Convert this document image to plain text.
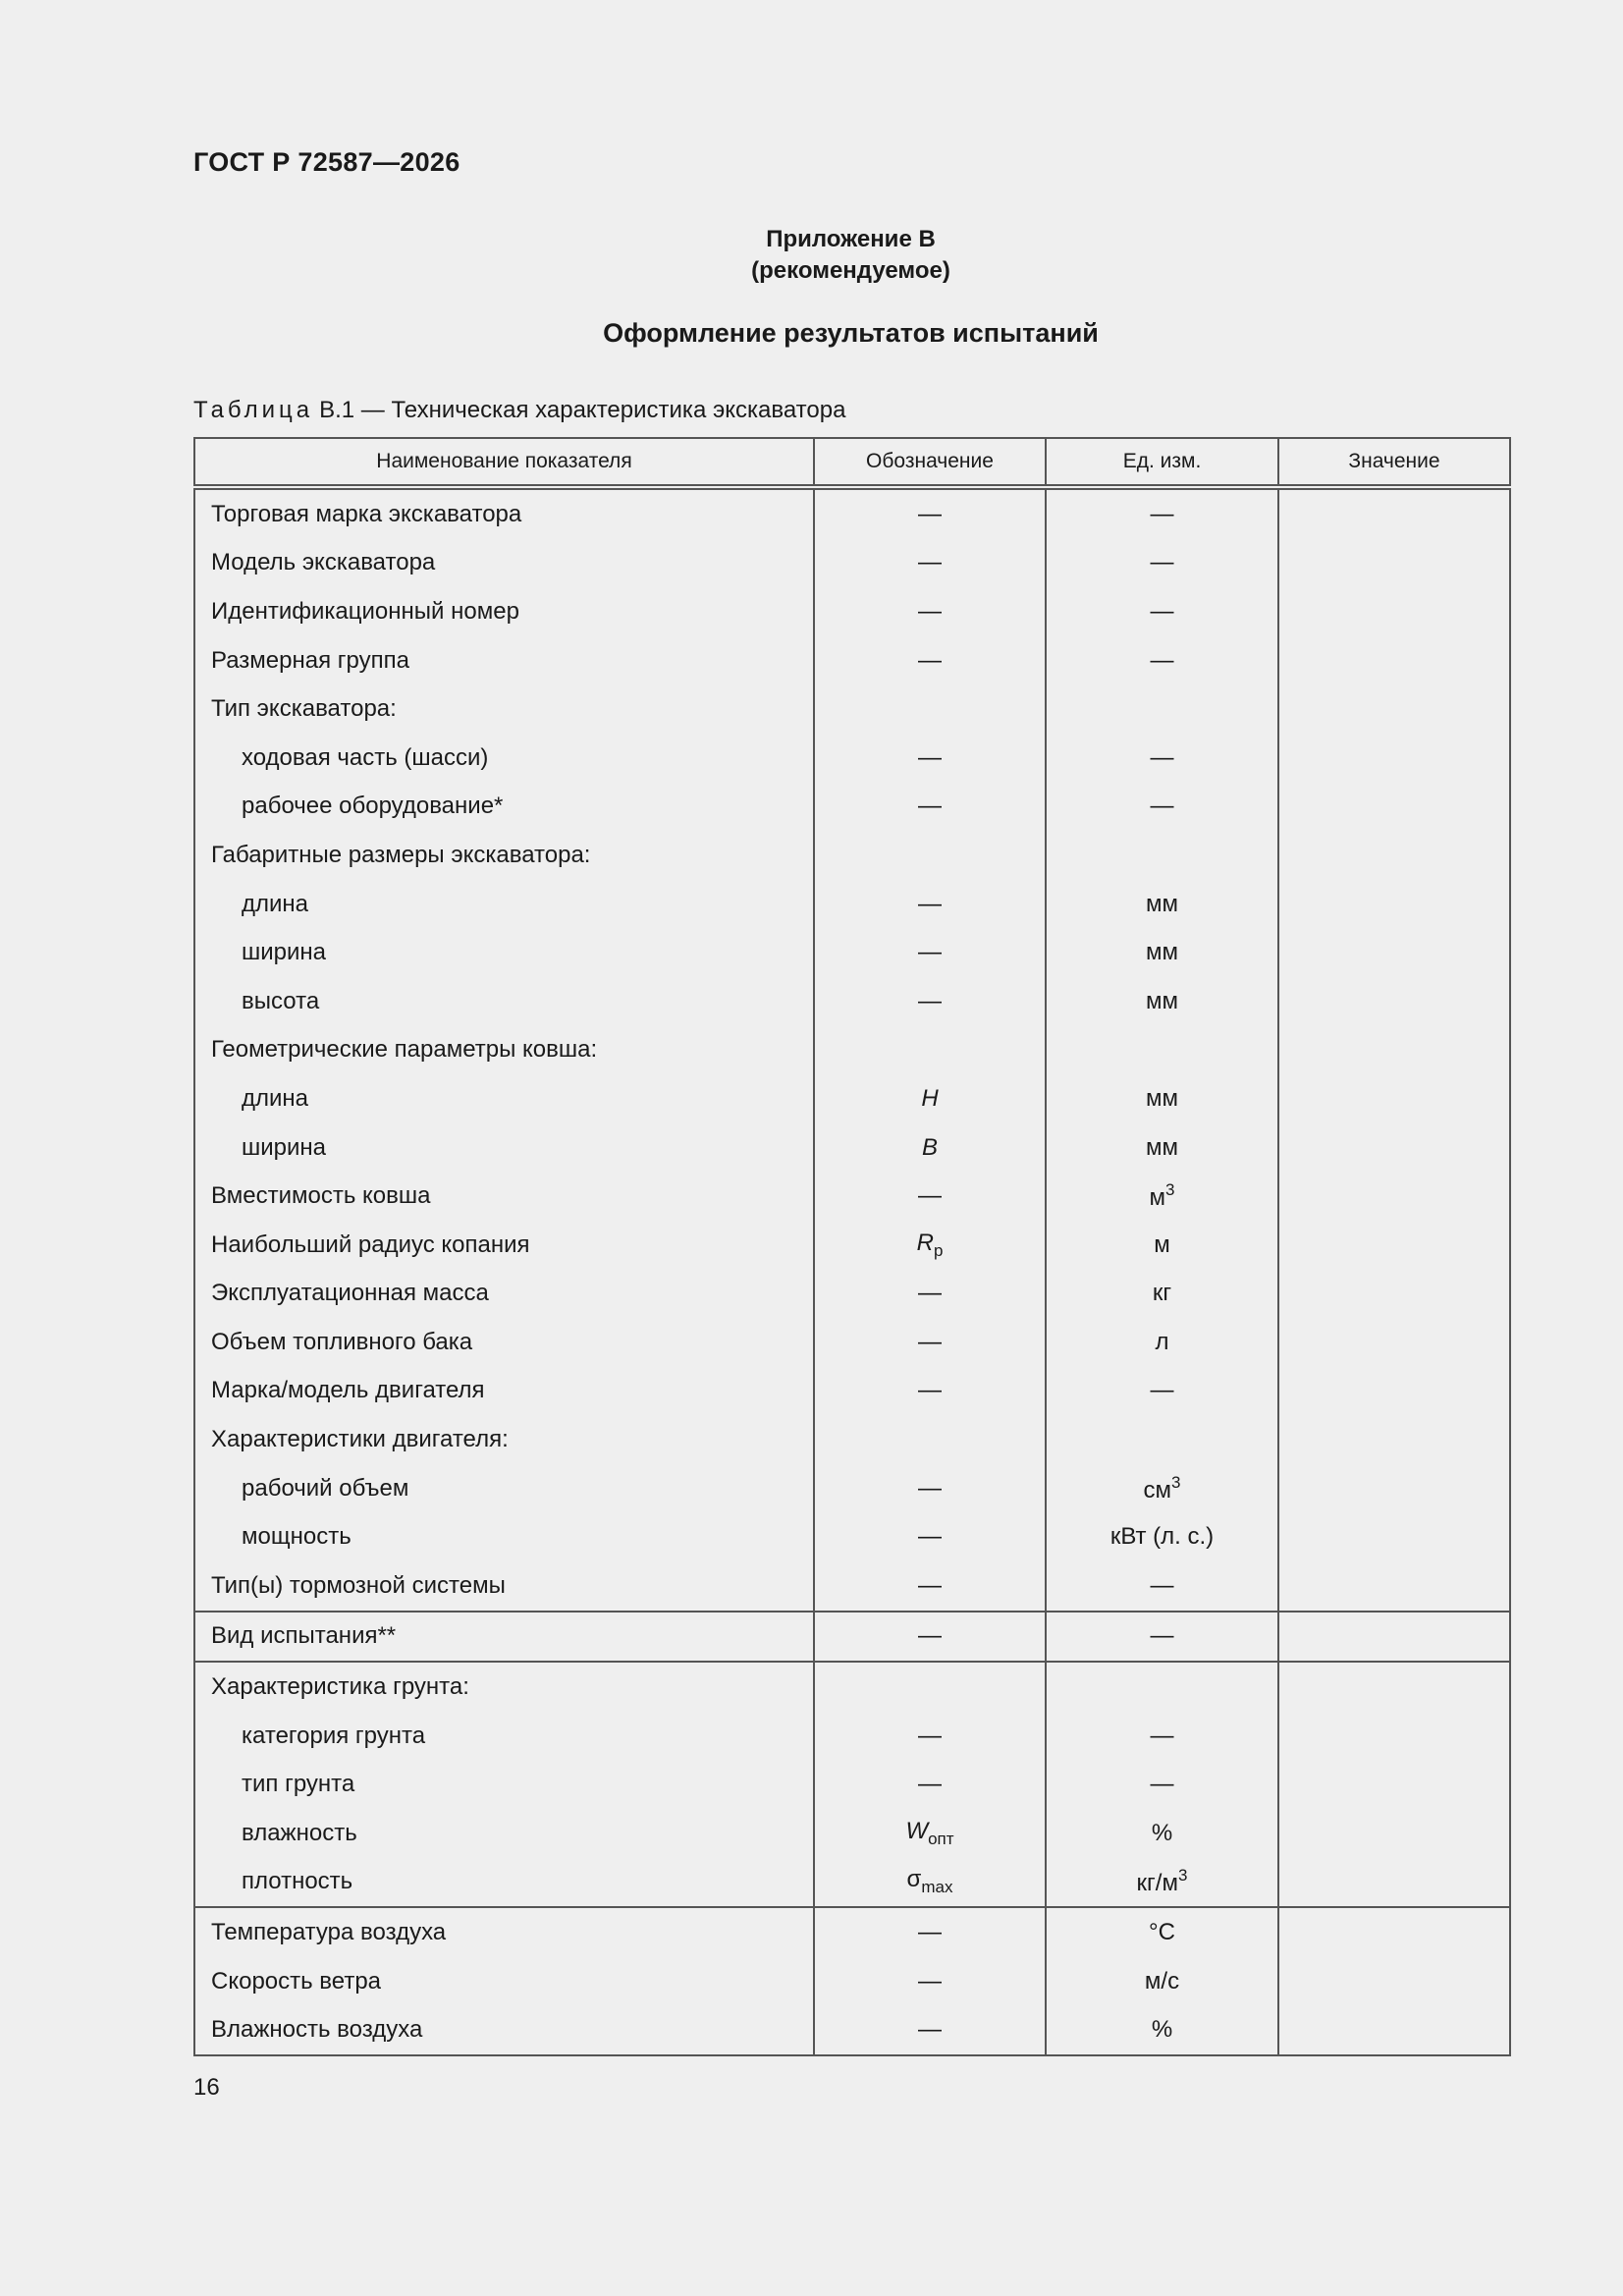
ГОСТ Р 72587—2026
Приложение В
(рекомендуемое)
Оформление результатов испытаний
Таблица В.1 — Техническая характеристика экскаватора
Наименование показателя	Обозначение	Ед. изм.	Значение
Торговая марка экскаватора	—	—	
Модель экскаватора	—	—	
Идентификационный номер	—	—	
Размерная группа	—	—	
Тип экскаватора:			
ходовая часть (шасси)	—	—	
рабочее оборудование*	—	—	
Габаритные размеры экскаватора:			
длина	—	мм	
ширина	—	мм	
высота	—	мм	
Геометрические параметры ковша:			
длина	H	мм	
ширина	B	мм	
Вместимость ковша	—	$м^3$	
Наибольший радиус копания	$R_р$	м	
Эксплуатационная масса	—	кг	
Объем топливного бака	—	л	
Марка/модель двигателя	—	—	
Характеристики двигателя:			
рабочий объем	—	$см^3$	
мощность	—	кВт (л. с.)	
Тип(ы) тормозной системы	—	—	
Вид испытания**	—	—	
Характеристика грунта:			
категория грунта	—	—	
тип грунта	—	—	
влажность	$W_{опт}$	%	
плотность	$\sigma_{max}$	$кг/м^3$	
Температура воздуха	—	°C	
Скорость ветра	—	м/с	
Влажность воздуха	—	%	
16
